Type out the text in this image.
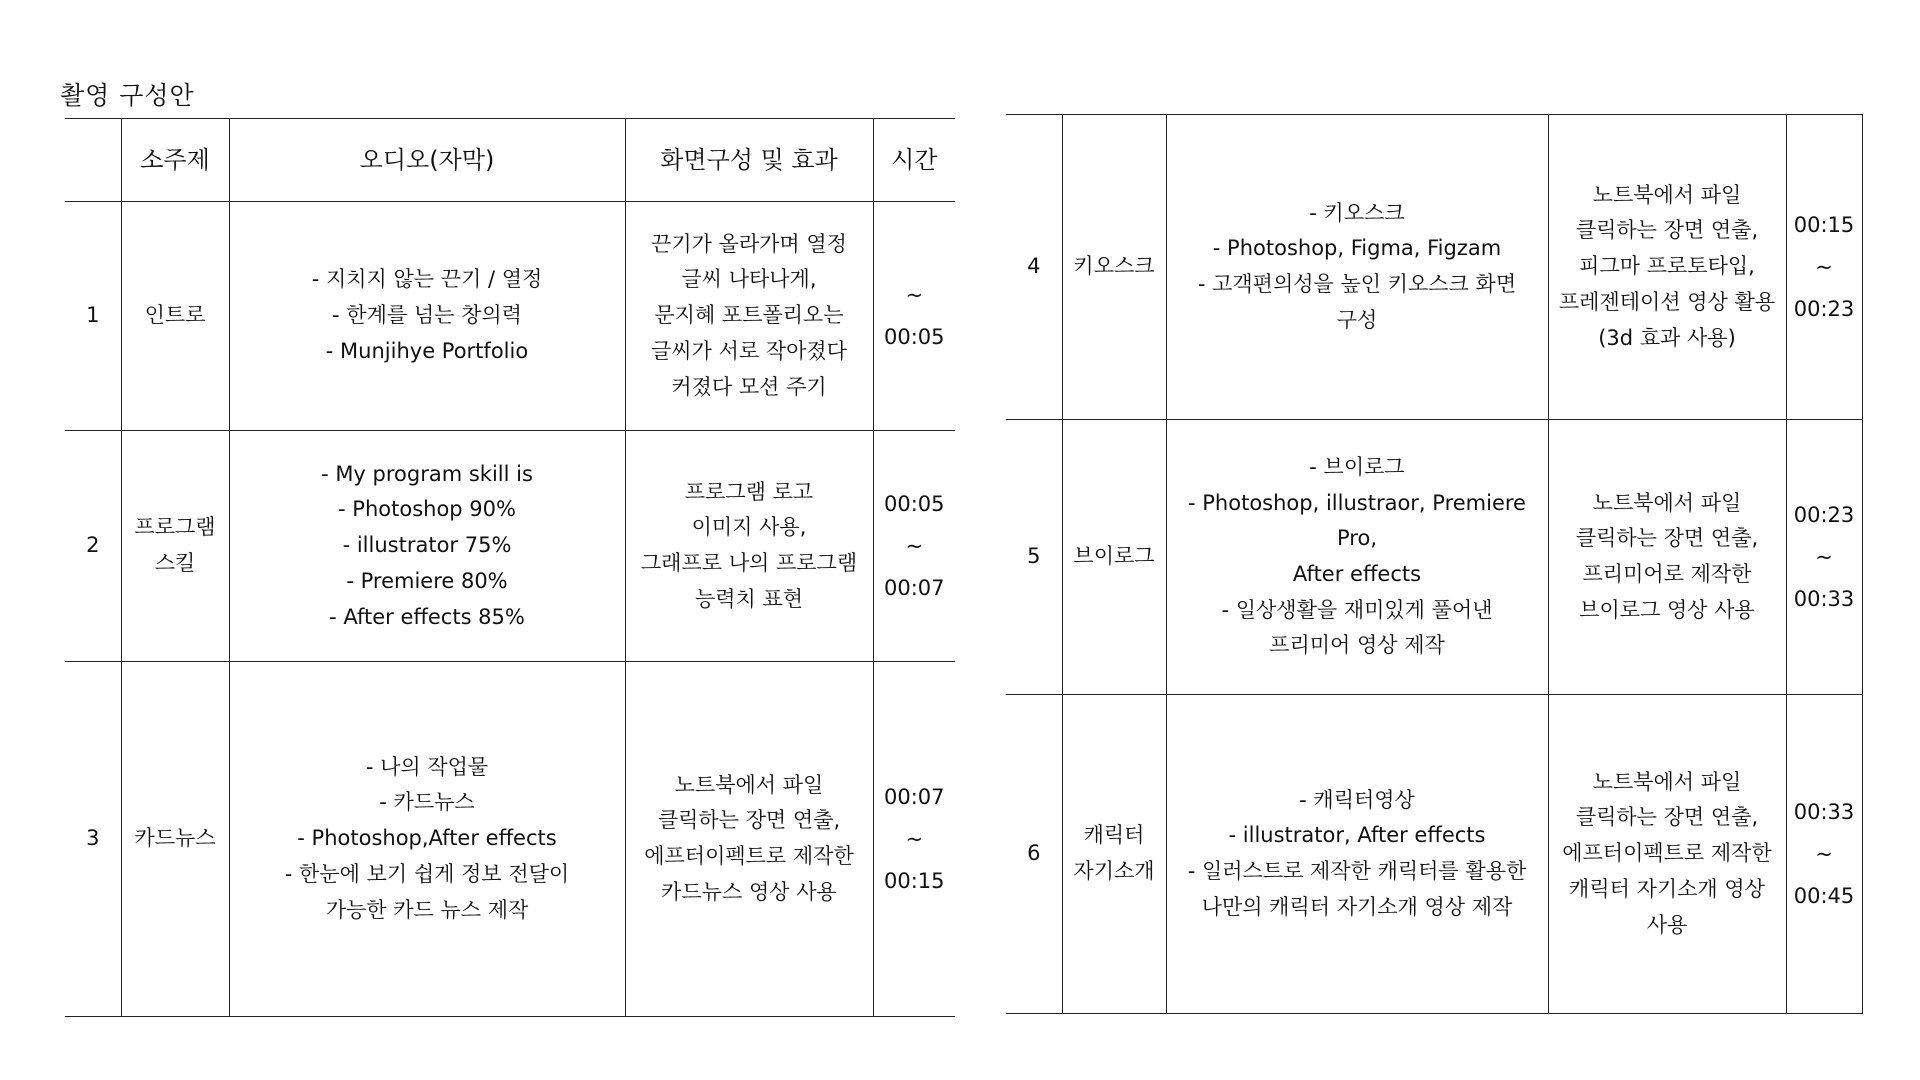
촬영 구성안
	소주제	오디오(자막)	화면구성 및 효과	시간
1	인트로	- 지치지 않는 끈기 / 열정
- 한계를 넘는 창의력
- Munjihye Portfolio	끈기가 올라가며 열정
글씨 나타나게,
문지혜 포트폴리오는
글씨가 서로 작아졌다
커졌다 모션 주기	~
00:05

2	프로그램
스킬	- My program skill is
- Photoshop 90%
- illustrator 75%
- Premiere 80%
- After effects 85%	프로그램 로고
이미지 사용,
그래프로 나의 프로그램
능력치 표현	00:05
~
00:07

3	카드뉴스	- 나의 작업물
- 카드뉴스
- Photoshop,After effects
- 한눈에 보기 쉽게 정보 전달이
가능한 카드 뉴스 제작	노트북에서 파일
클릭하는 장면 연출,
에프터이펙트로 제작한
카드뉴스 영상 사용	00:07
~
00:15
4	키오스크	- 키오스크
- Photoshop, Figma, Figzam
- 고객편의성을 높인 키오스크 화면
구성	노트북에서 파일
클릭하는 장면 연출,
피그마 프로토타입,
프레젠테이션 영상 활용
(3d 효과 사용)	00:15
~
00:23

5	브이로그	- 브이로그
- Photoshop, illustraor, Premiere Pro,
After effects
- 일상생활을 재미있게 풀어낸
프리미어 영상 제작	노트북에서 파일
클릭하는 장면 연출,
프리미어로 제작한
브이로그 영상 사용	00:23
~
00:33

6	캐릭터
자기소개	- 캐릭터영상
- illustrator, After effects
- 일러스트로 제작한 캐릭터를 활용한
나만의 캐릭터 자기소개 영상 제작	노트북에서 파일
클릭하는 장면 연출,
에프터이펙트로 제작한
캐릭터 자기소개 영상
사용	00:33
~
00:45
